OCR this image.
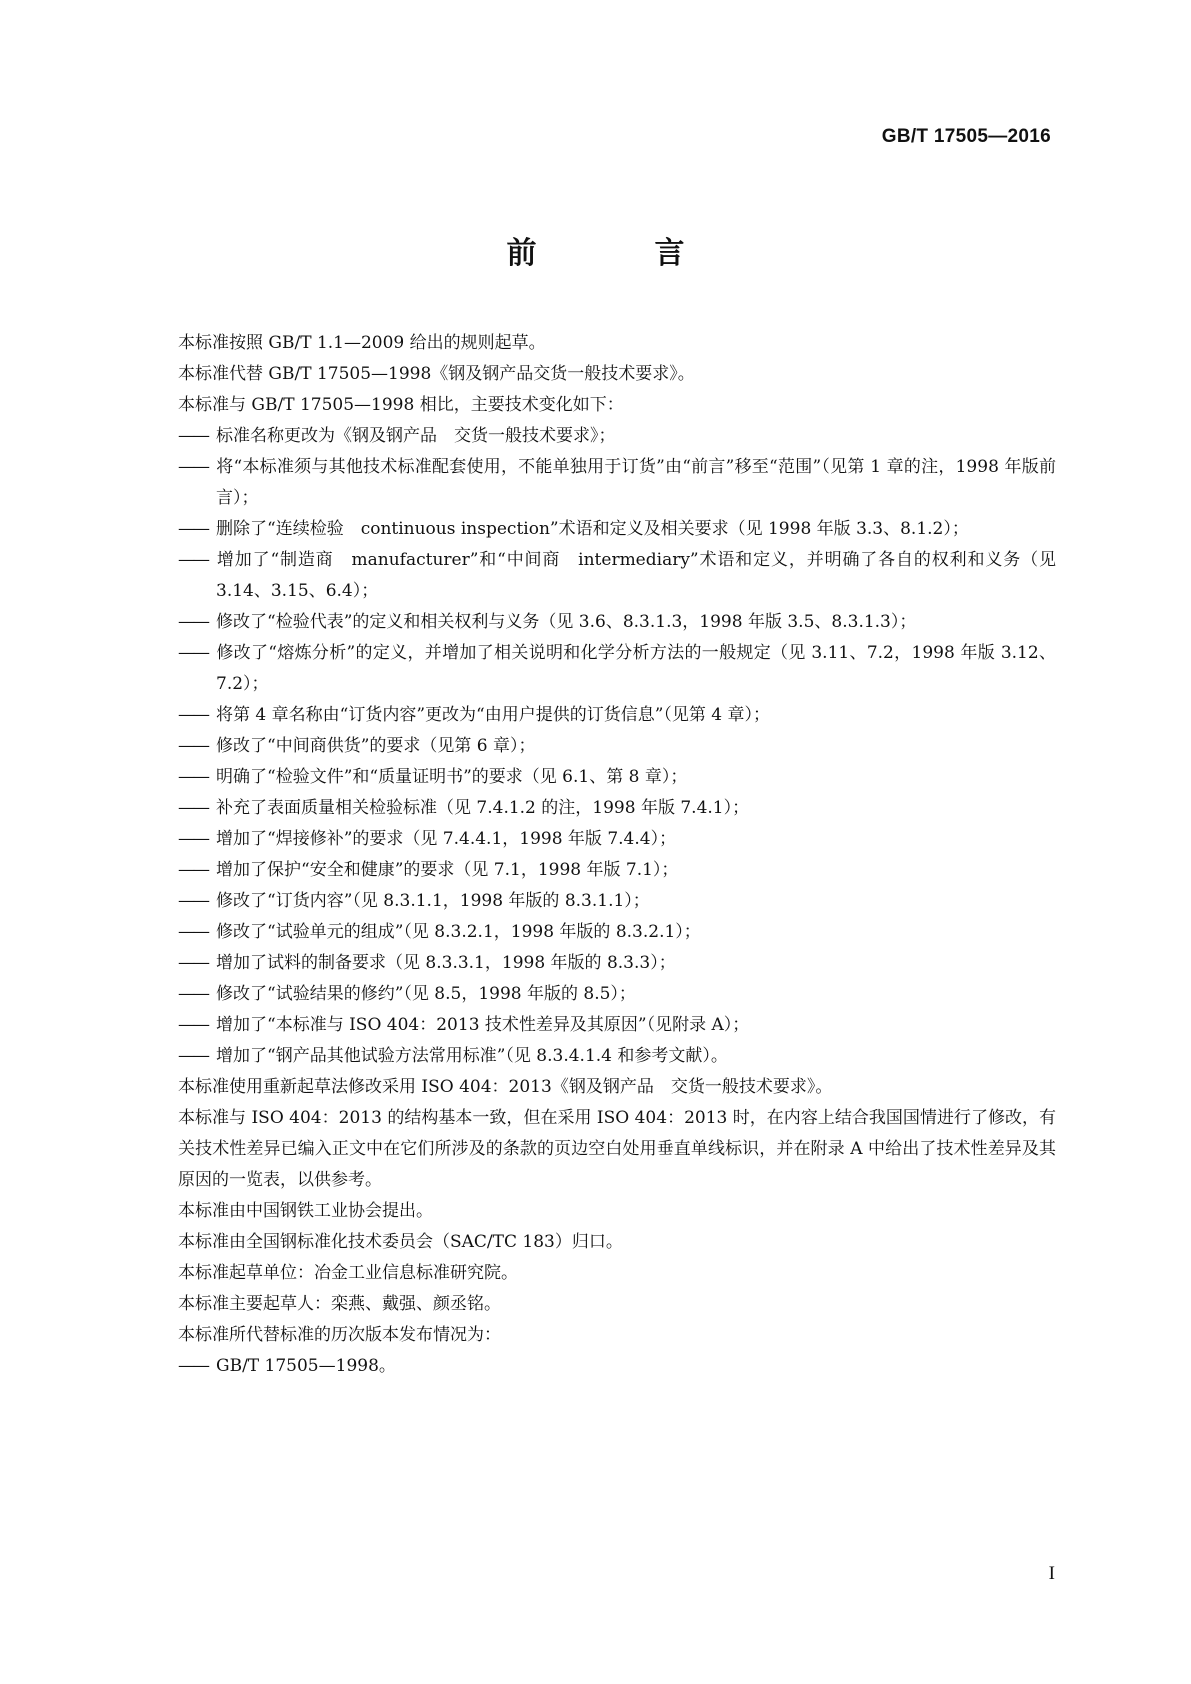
GB/T 17505—2016
前　言

本标准按照 GB/T 1.1—2009 给出的规则起草。

本标准代替 GB/T 17505—1998《钢及钢产品交货一般技术要求》。

本标准与 GB/T 17505—1998 相比，主要技术变化如下：

—— 标准名称更改为《钢及钢产品　交货一般技术要求》；

—— 将“本标准须与其他技术标准配套使用，不能单独用于订货”由“前言”移至“范围”（见第 1 章的注，1998 年版前言）；

—— 删除了“连续检验　continuous inspection”术语和定义及相关要求（见 1998 年版 3.3、8.1.2）；

—— 增加了“制造商　manufacturer”和“中间商　intermediary”术语和定义，并明确了各自的权利和义务（见 3.14、3.15、6.4）；

—— 修改了“检验代表”的定义和相关权利与义务（见 3.6、8.3.1.3，1998 年版 3.5、8.3.1.3）；

—— 修改了“熔炼分析”的定义，并增加了相关说明和化学分析方法的一般规定（见 3.11、7.2，1998 年版 3.12、7.2）；

—— 将第 4 章名称由“订货内容”更改为“由用户提供的订货信息”（见第 4 章）；

—— 修改了“中间商供货”的要求（见第 6 章）；

—— 明确了“检验文件”和“质量证明书”的要求（见 6.1、第 8 章）；

—— 补充了表面质量相关检验标准（见 7.4.1.2 的注，1998 年版 7.4.1）；

—— 增加了“焊接修补”的要求（见 7.4.4.1，1998 年版 7.4.4）；

—— 增加了保护“安全和健康”的要求（见 7.1，1998 年版 7.1）；

—— 修改了“订货内容”（见 8.3.1.1，1998 年版的 8.3.1.1）；

—— 修改了“试验单元的组成”（见 8.3.2.1，1998 年版的 8.3.2.1）；

—— 增加了试料的制备要求（见 8.3.3.1，1998 年版的 8.3.3）；

—— 修改了“试验结果的修约”（见 8.5，1998 年版的 8.5）；

—— 增加了“本标准与 ISO 404：2013 技术性差异及其原因”（见附录 A）；

—— 增加了“钢产品其他试验方法常用标准”（见 8.3.4.1.4 和参考文献）。

本标准使用重新起草法修改采用 ISO 404：2013《钢及钢产品　交货一般技术要求》。

本标准与 ISO 404：2013 的结构基本一致，但在采用 ISO 404：2013 时，在内容上结合我国国情进行了修改，有关技术性差异已编入正文中在它们所涉及的条款的页边空白处用垂直单线标识，并在附录 A 中给出了技术性差异及其原因的一览表，以供参考。

本标准由中国钢铁工业协会提出。

本标准由全国钢标准化技术委员会（SAC/TC 183）归口。

本标准起草单位：冶金工业信息标准研究院。

本标准主要起草人：栾燕、戴强、颜丞铭。

本标准所代替标准的历次版本发布情况为：

—— GB/T 17505—1998。

I
